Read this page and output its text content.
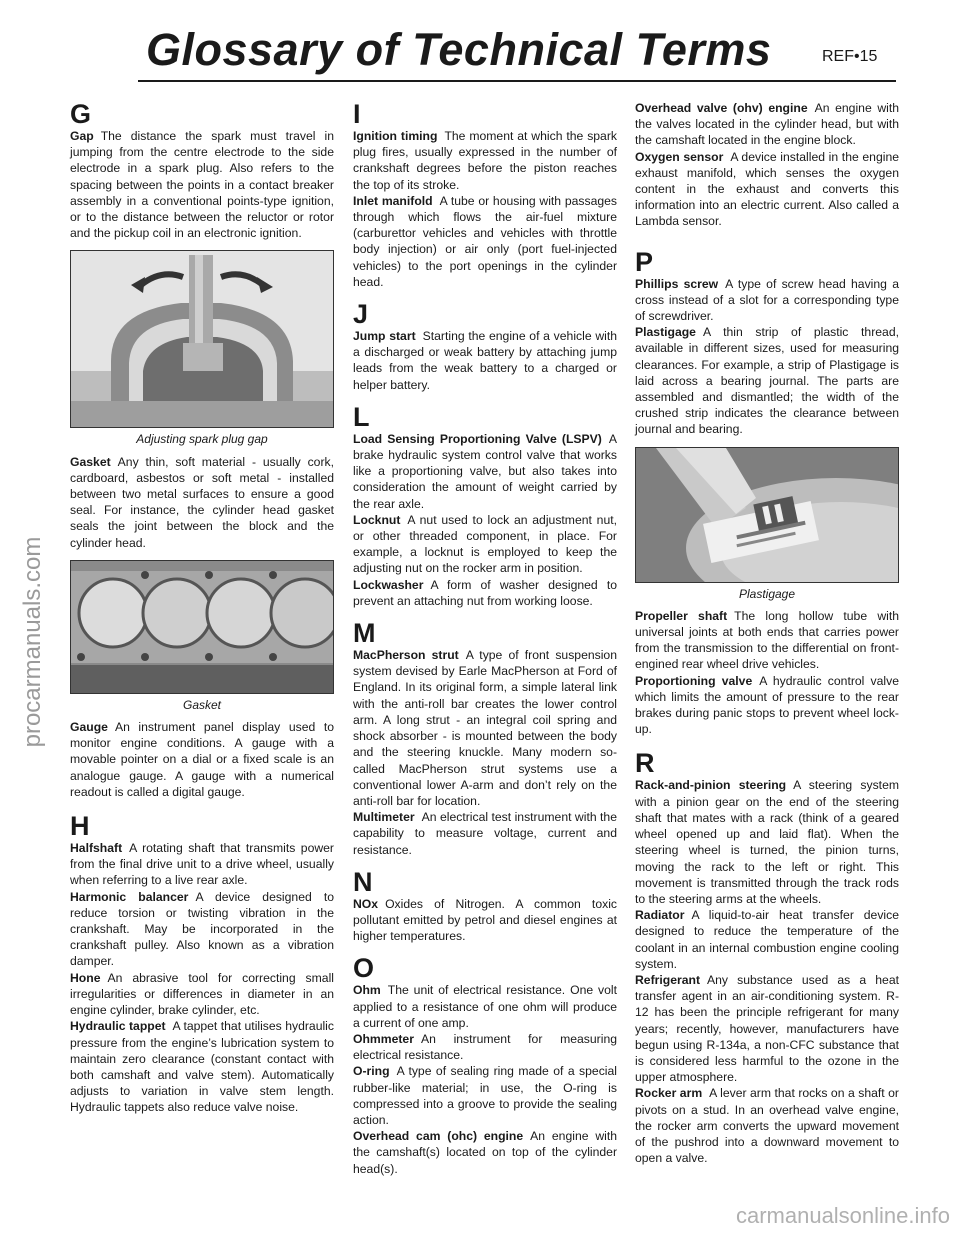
Glossary of Technical Terms	REF•15
procarmanuals.com
G

Gap The distance the spark must travel in jumping from the centre electrode to the side electrode in a spark plug. Also refers to the spacing between the points in a contact breaker assembly in a conventional points-type ignition, or to the distance between the reluctor or rotor and the pickup coil in an electronic ignition.

Adjusting spark plug gap

Gasket Any thin, soft material - usually cork, cardboard, asbestos or soft metal - installed between two metal surfaces to ensure a good seal. For instance, the cylinder head gasket seals the joint between the block and the cylinder head.

Gasket

Gauge An instrument panel display used to monitor engine conditions. A gauge with a movable pointer on a dial or a fixed scale is an analogue gauge. A gauge with a numerical readout is called a digital gauge.

H

Halfshaft A rotating shaft that transmits power from the final drive unit to a drive wheel, usually when referring to a live rear axle.

Harmonic balancer A device designed to reduce torsion or twisting vibration in the crankshaft. May be incorporated in the crankshaft pulley. Also known as a vibration damper.

Hone An abrasive tool for correcting small irregularities or differences in diameter in an engine cylinder, brake cylinder, etc.

Hydraulic tappet A tappet that utilises hydraulic pressure from the engine’s lubrication system to maintain zero clearance (constant contact with both camshaft and valve stem). Automatically adjusts to variation in valve stem length. Hydraulic tappets also reduce valve noise.

I

Ignition timing The moment at which the spark plug fires, usually expressed in the number of crankshaft degrees before the piston reaches the top of its stroke.

Inlet manifold A tube or housing with passages through which flows the air-fuel mixture (carburettor vehicles and vehicles with throttle body injection) or air only (port fuel-injected vehicles) to the port openings in the cylinder head.

J

Jump start Starting the engine of a vehicle with a discharged or weak battery by attaching jump leads from the weak battery to a charged or helper battery.

L

Load Sensing Proportioning Valve (LSPV) A brake hydraulic system control valve that works like a proportioning valve, but also takes into consideration the amount of weight carried by the rear axle.

Locknut A nut used to lock an adjustment nut, or other threaded component, in place. For example, a locknut is employed to keep the adjusting nut on the rocker arm in position.

Lockwasher A form of washer designed to prevent an attaching nut from working loose.

M

MacPherson strut A type of front suspension system devised by Earle MacPherson at Ford of England. In its original form, a simple lateral link with the anti-roll bar creates the lower control arm. A long strut - an integral coil spring and shock absorber - is mounted between the body and the steering knuckle. Many modern so-called MacPherson strut systems use a conventional lower A-arm and don’t rely on the anti-roll bar for location.

Multimeter An electrical test instrument with the capability to measure voltage, current and resistance.

N

NOx Oxides of Nitrogen. A common toxic pollutant emitted by petrol and diesel engines at higher temperatures.

O

Ohm The unit of electrical resistance. One volt applied to a resistance of one ohm will produce a current of one amp.

Ohmmeter An instrument for measuring electrical resistance.

O-ring A type of sealing ring made of a special rubber-like material; in use, the O-ring is compressed into a groove to provide the sealing action.

Overhead cam (ohc) engine An engine with the camshaft(s) located on top of the cylinder head(s).

Overhead valve (ohv) engine An engine with the valves located in the cylinder head, but with the camshaft located in the engine block.

Oxygen sensor A device installed in the engine exhaust manifold, which senses the oxygen content in the exhaust and converts this information into an electric current. Also called a Lambda sensor.

P

Phillips screw A type of screw head having a cross instead of a slot for a corresponding type of screwdriver.

Plastigage A thin strip of plastic thread, available in different sizes, used for measuring clearances. For example, a strip of Plastigage is laid across a bearing journal. The parts are assembled and dismantled; the width of the crushed strip indicates the clearance between journal and bearing.

Plastigage

Propeller shaft The long hollow tube with universal joints at both ends that carries power from the transmission to the differential on front-engined rear wheel drive vehicles.

Proportioning valve A hydraulic control valve which limits the amount of pressure to the rear brakes during panic stops to prevent wheel lock-up.

R

Rack-and-pinion steering A steering system with a pinion gear on the end of the steering shaft that mates with a rack (think of a geared wheel opened up and laid flat). When the steering wheel is turned, the pinion turns, moving the rack to the left or right. This movement is transmitted through the track rods to the steering arms at the wheels.

Radiator A liquid-to-air heat transfer device designed to reduce the temperature of the coolant in an internal combustion engine cooling system.

Refrigerant Any substance used as a heat transfer agent in an air-conditioning system. R-12 has been the principle refrigerant for many years; recently, however, manufacturers have begun using R-134a, a non-CFC substance that is considered less harmful to the ozone in the upper atmosphere.

Rocker arm A lever arm that rocks on a shaft or pivots on a stud. In an overhead valve engine, the rocker arm converts the upward movement of the pushrod into a downward movement to open a valve.

carmanualsonline.info
